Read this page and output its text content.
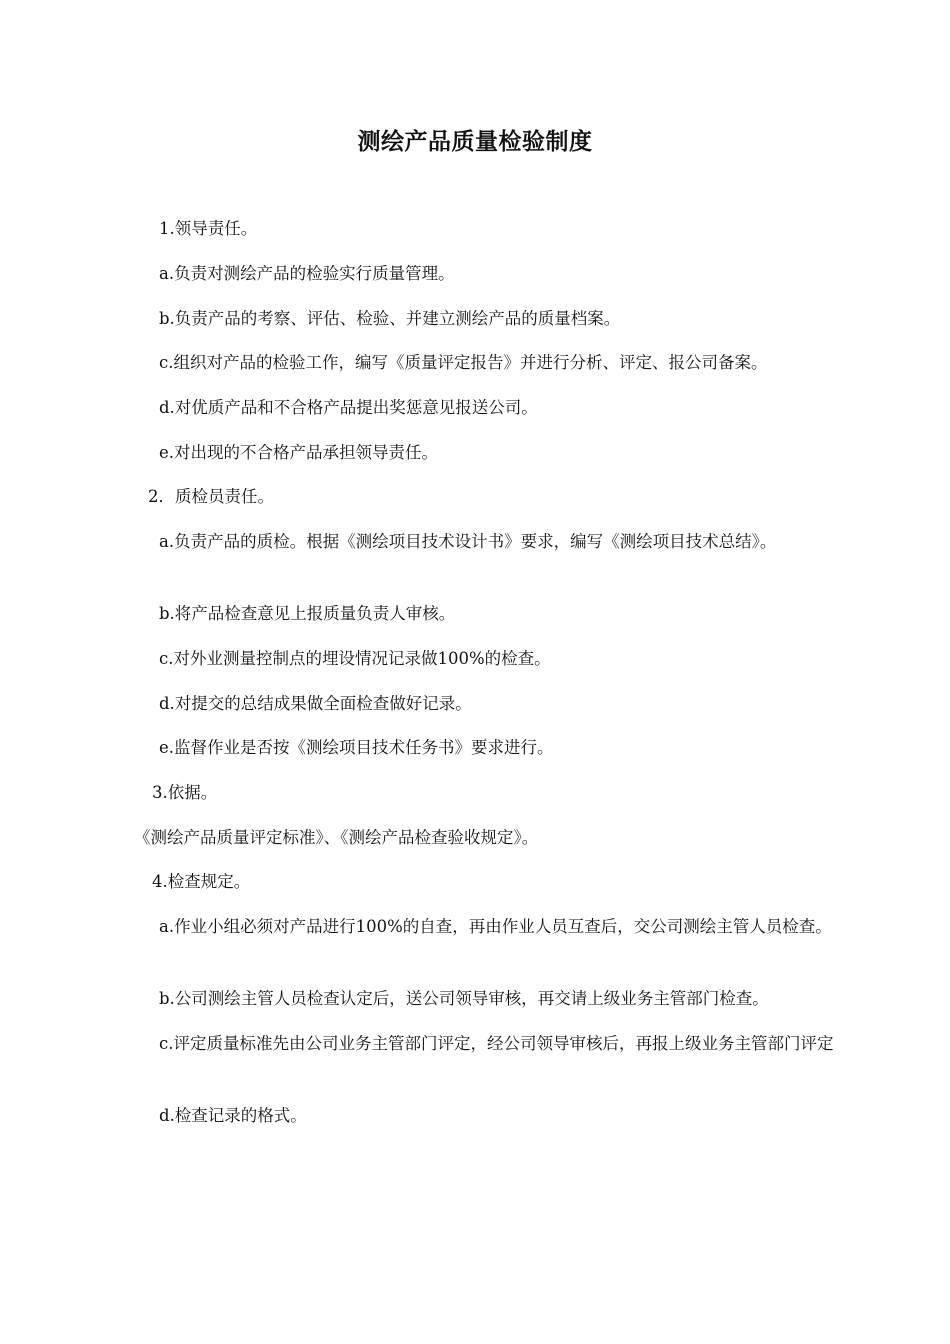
测绘产品质量检验制度
1.领导责任。
a.负责对测绘产品的检验实行质量管理。
b.负责产品的考察、评估、检验、并建立测绘产品的质量档案。
c.组织对产品的检验工作，编写《质量评定报告》并进行分析、评定、报公司备案。
d.对优质产品和不合格产品提出奖惩意见报送公司。
e.对出现的不合格产品承担领导责任。
2．质检员责任。
a.负责产品的质检。根据《测绘项目技术设计书》要求，编写《测绘项目技术总结》。
b.将产品检查意见上报质量负责人审核。
c.对外业测量控制点的埋设情况记录做100%的检查。
d.对提交的总结成果做全面检查做好记录。
e.监督作业是否按《测绘项目技术任务书》要求进行。
3.依据。
《测绘产品质量评定标准》、《测绘产品检查验收规定》。
4.检查规定。
a.作业小组必须对产品进行100%的自查，再由作业人员互查后，交公司测绘主管人员检查。
b.公司测绘主管人员检查认定后，送公司领导审核，再交请上级业务主管部门检查。
c.评定质量标准先由公司业务主管部门评定，经公司领导审核后，再报上级业务主管部门评定
d.检查记录的格式。
